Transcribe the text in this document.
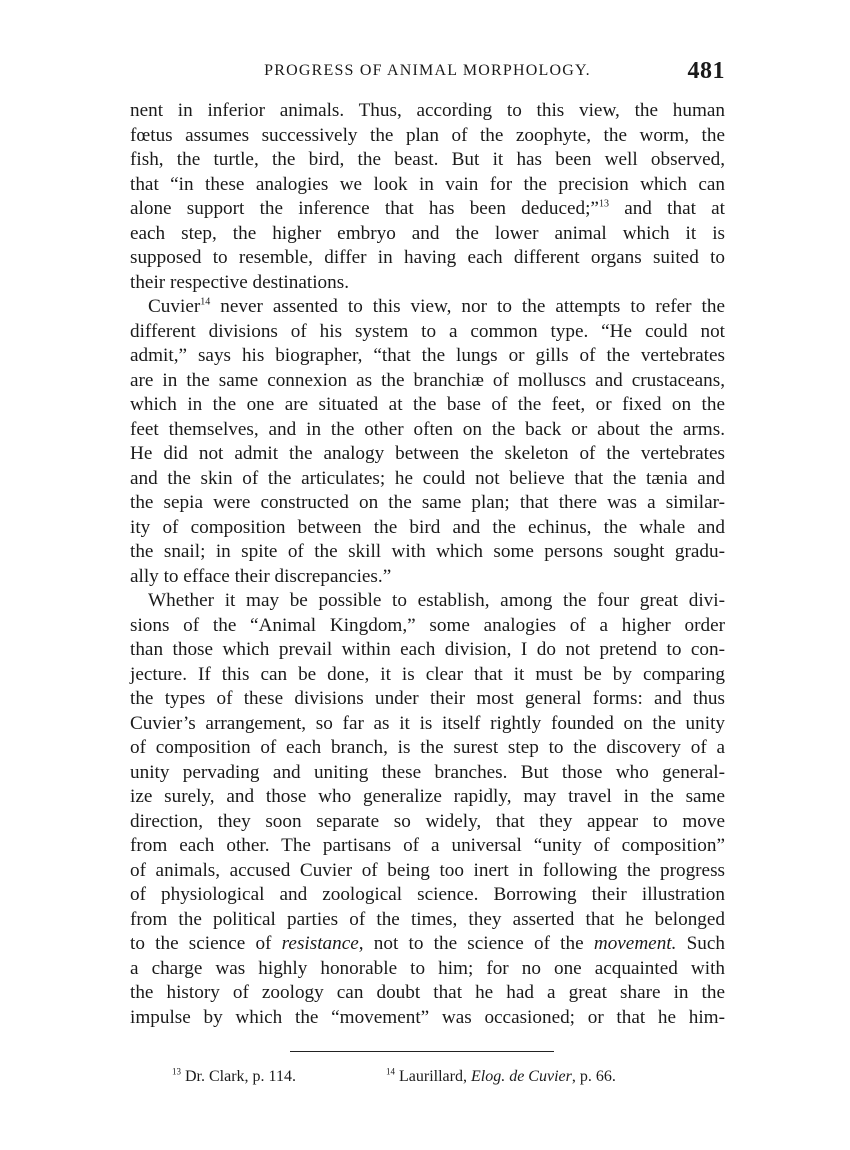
PROGRESS OF ANIMAL MORPHOLOGY.	481
nent in inferior animals. Thus, according to this view, the human
fœtus assumes successively the plan of the zoophyte, the worm, the
fish, the turtle, the bird, the beast. But it has been well observed,
that “in these analogies we look in vain for the precision which can
alone support the inference that has been deduced;”$^{13}$ and that at
each step, the higher embryo and the lower animal which it is
supposed to resemble, differ in having each different organs suited to
their respective destinations.
Cuvier$^{14}$ never assented to this view, nor to the attempts to refer the
different divisions of his system to a common type. “He could not
admit,” says his biographer, “that the lungs or gills of the vertebrates
are in the same connexion as the branchiæ of molluscs and crustaceans,
which in the one are situated at the base of the feet, or fixed on the
feet themselves, and in the other often on the back or about the arms.
He did not admit the analogy between the skeleton of the vertebrates
and the skin of the articulates; he could not believe that the tænia and
the sepia were constructed on the same plan; that there was a similar-
ity of composition between the bird and the echinus, the whale and
the snail; in spite of the skill with which some persons sought gradu-
ally to efface their discrepancies.”
Whether it may be possible to establish, among the four great divi-
sions of the “Animal Kingdom,” some analogies of a higher order
than those which prevail within each division, I do not pretend to con-
jecture. If this can be done, it is clear that it must be by comparing
the types of these divisions under their most general forms: and thus
Cuvier’s arrangement, so far as it is itself rightly founded on the unity
of composition of each branch, is the surest step to the discovery of a
unity pervading and uniting these branches. But those who general-
ize surely, and those who generalize rapidly, may travel in the same
direction, they soon separate so widely, that they appear to move
from each other. The partisans of a universal “unity of composition”
of animals, accused Cuvier of being too inert in following the progress
of physiological and zoological science. Borrowing their illustration
from the political parties of the times, they asserted that he belonged
to the science of resistance, not to the science of the movement. Such
a charge was highly honorable to him; for no one acquainted with
the history of zoology can doubt that he had a great share in the
impulse by which the “movement” was occasioned; or that he him-
$^{13}$ Dr. Clark, p. 114.	$^{14}$ Laurillard, Elog. de Cuvier, p. 66.
